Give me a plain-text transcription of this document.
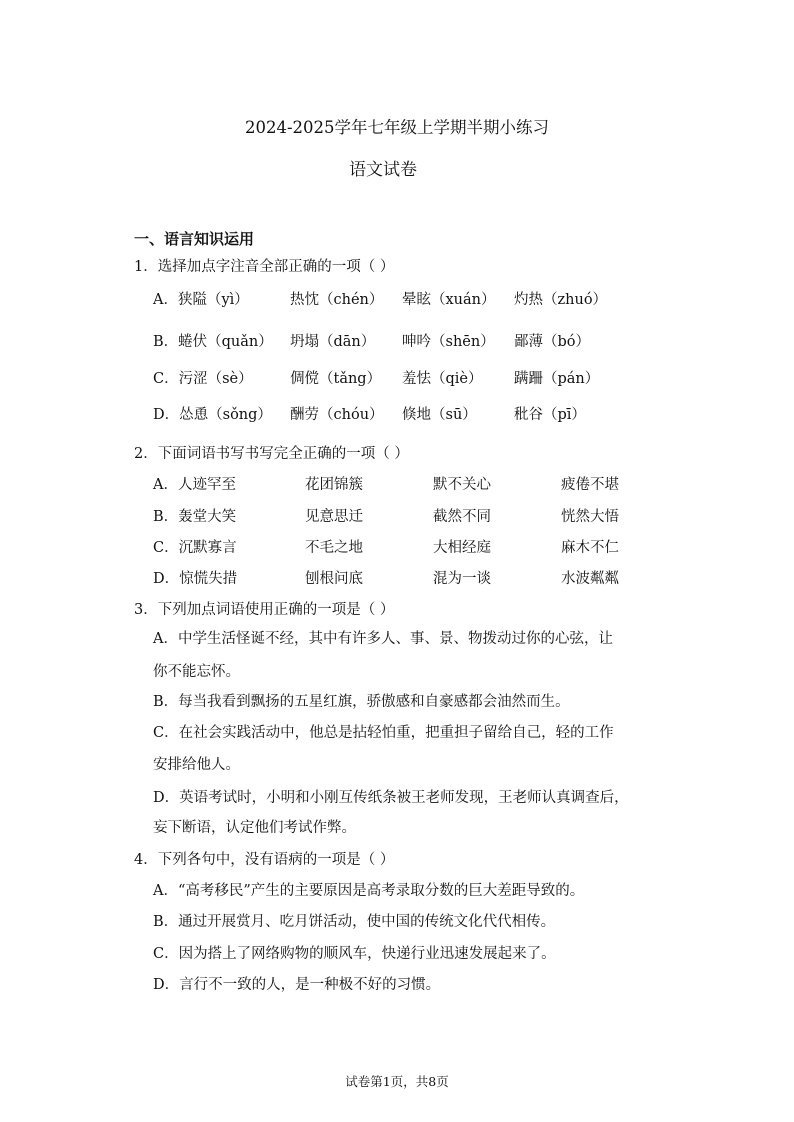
2024-2025学年七年级上学期半期小练习
语文试卷
一、语言知识运用
1．选择加点字注音全部正确的一项（ ）
A．狭隘（yì）	热忱（chén） 晕眩（xuán） 灼热（zhuó）
B．蜷伏（quǎn） 坍塌（dān） 呻吟（shēn） 鄙薄（bó）
C．污涩（sè）	倜傥（tǎng） 羞怯（qiè） 蹒跚（pán）
D．怂恿（sǒng） 酬劳（chóu） 倏地（sū）	秕谷（pī）
2．下面词语书写书写完全正确的一项（ ）
A．人迹罕至	花团锦簇	默不关心	疲倦不堪
B．轰堂大笑	见意思迁	截然不同	恍然大悟
C．沉默寡言	不毛之地	大相经庭	麻木不仁
D．惊慌失措	刨根问底	混为一谈	水波粼粼
3．下列加点词语使用正确的一项是（ ）
A．中学生活怪诞不经，其中有许多人、事、景、物拨动过你的心弦，让
你不能忘怀。
B．每当我看到飘扬的五星红旗，骄傲感和自豪感都会油然而生。
C．在社会实践活动中，他总是拈轻怕重，把重担子留给自己，轻的工作
安排给他人。
D．英语考试时，小明和小刚互传纸条被王老师发现，王老师认真调查后，
妄下断语，认定他们考试作弊。
4．下列各句中，没有语病的一项是（ ）
A．“高考移民”产生的主要原因是高考录取分数的巨大差距导致的。
B．通过开展赏月、吃月饼活动，使中国的传统文化代代相传。
C．因为搭上了网络购物的顺风车，快递行业迅速发展起来了。
D．言行不一致的人，是一种极不好的习惯。
试卷第1页，共8页
